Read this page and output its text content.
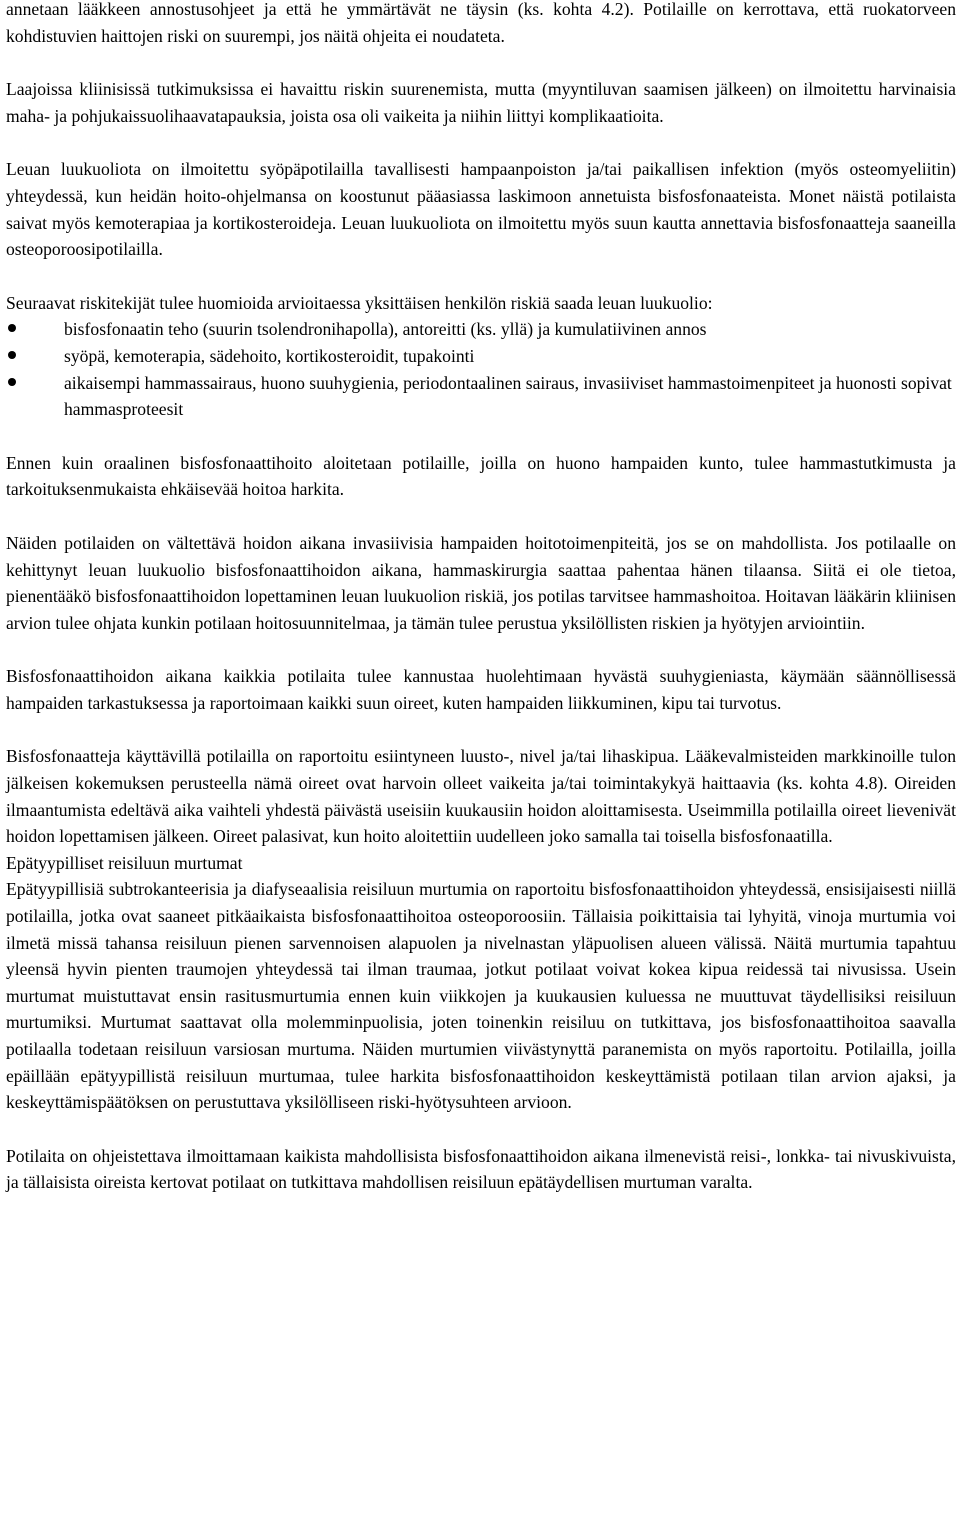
annetaan lääkkeen annostusohjeet ja että he ymmärtävät ne täysin (ks. kohta 4.2). Potilaille on kerrottava, että ruokatorveen kohdistuvien haittojen riski on suurempi, jos näitä ohjeita ei noudateta.

Laajoissa kliinisissä tutkimuksissa ei havaittu riskin suurenemista, mutta (myyntiluvan saamisen jälkeen) on ilmoitettu harvinaisia maha- ja pohjukaissuolihaavatapauksia, joista osa oli vaikeita ja niihin liittyi komplikaatioita.

Leuan luukuoliota on ilmoitettu syöpäpotilailla tavallisesti hampaanpoiston ja/tai paikallisen infektion (myös osteomyeliitin) yhteydessä, kun heidän hoito-ohjelmansa on koostunut pääasiassa laskimoon annetuista bisfosfonaateista. Monet näistä potilaista saivat myös kemoterapiaa ja kortikosteroideja. Leuan luukuoliota on ilmoitettu myös suun kautta annettavia bisfosfonaatteja saaneilla osteoporoosipotilailla.

Seuraavat riskitekijät tulee huomioida arvioitaessa yksittäisen henkilön riskiä saada leuan luukuolio:

bisfosfonaatin teho (suurin tsolendronihapolla), antoreitti (ks. yllä) ja kumulatiivinen annos
syöpä, kemoterapia, sädehoito, kortikosteroidit, tupakointi
aikaisempi hammassairaus, huono suuhygienia, periodontaalinen sairaus, invasiiviset hammastoimenpiteet ja huonosti sopivat hammasproteesit

Ennen kuin oraalinen bisfosfonaattihoito aloitetaan potilaille, joilla on huono hampaiden kunto, tulee hammastutkimusta ja tarkoituksenmukaista ehkäisevää hoitoa harkita.

Näiden potilaiden on vältettävä hoidon aikana invasiivisia hampaiden hoitotoimenpiteitä, jos se on mahdollista. Jos potilaalle on kehittynyt leuan luukuolio bisfosfonaattihoidon aikana, hammaskirurgia saattaa pahentaa hänen tilaansa. Siitä ei ole tietoa, pienentääkö bisfosfonaattihoidon lopettaminen leuan luukuolion riskiä, jos potilas tarvitsee hammashoitoa. Hoitavan lääkärin kliinisen arvion tulee ohjata kunkin potilaan hoitosuunnitelmaa, ja tämän tulee perustua yksilöllisten riskien ja hyötyjen arviointiin.

Bisfosfonaattihoidon aikana kaikkia potilaita tulee kannustaa huolehtimaan hyvästä suuhygieniasta, käymään säännöllisessä hampaiden tarkastuksessa ja raportoimaan kaikki suun oireet, kuten hampaiden liikkuminen, kipu tai turvotus.

Bisfosfonaatteja käyttävillä potilailla on raportoitu esiintyneen luusto-, nivel ja/tai lihaskipua. Lääkevalmisteiden markkinoille tulon jälkeisen kokemuksen perusteella nämä oireet ovat harvoin olleet vaikeita ja/tai toimintakykyä haittaavia (ks. kohta 4.8). Oireiden ilmaantumista edeltävä aika vaihteli yhdestä päivästä useisiin kuukausiin hoidon aloittamisesta. Useimmilla potilailla oireet lievenivät hoidon lopettamisen jälkeen. Oireet palasivat, kun hoito aloitettiin uudelleen joko samalla tai toisella bisfosfonaatilla.

Epätyypilliset reisiluun murtumat

Epätyypillisiä subtrokanteerisia ja diafyseaalisia reisiluun murtumia on raportoitu bisfosfonaattihoidon yhteydessä, ensisijaisesti niillä potilailla, jotka ovat saaneet pitkäaikaista bisfosfonaattihoitoa osteoporoosiin. Tällaisia poikittaisia tai lyhyitä, vinoja murtumia voi ilmetä missä tahansa reisiluun pienen sarvennoisen alapuolen ja nivelnastan yläpuolisen alueen välissä. Näitä murtumia tapahtuu yleensä hyvin pienten traumojen yhteydessä tai ilman traumaa, jotkut potilaat voivat kokea kipua reidessä tai nivusissa. Usein murtumat muistuttavat ensin rasitusmurtumia ennen kuin viikkojen ja kuukausien kuluessa ne muuttuvat täydellisiksi reisiluun murtumiksi. Murtumat saattavat olla molemminpuolisia, joten toinenkin reisiluu on tutkittava, jos bisfosfonaattihoitoa saavalla potilaalla todetaan reisiluun varsiosan murtuma. Näiden murtumien viivästynyttä paranemista on myös raportoitu. Potilailla, joilla epäillään epätyypillistä reisiluun murtumaa, tulee harkita bisfosfonaattihoidon keskeyttämistä potilaan tilan arvion ajaksi, ja keskeyttämispäätöksen on perustuttava yksilölliseen riski-hyötysuhteen arvioon.

Potilaita on ohjeistettava ilmoittamaan kaikista mahdollisista bisfosfonaattihoidon aikana ilmenevistä reisi-, lonkka- tai nivuskivuista, ja tällaisista oireista kertovat potilaat on tutkittava mahdollisen reisiluun epätäydellisen murtuman varalta.
